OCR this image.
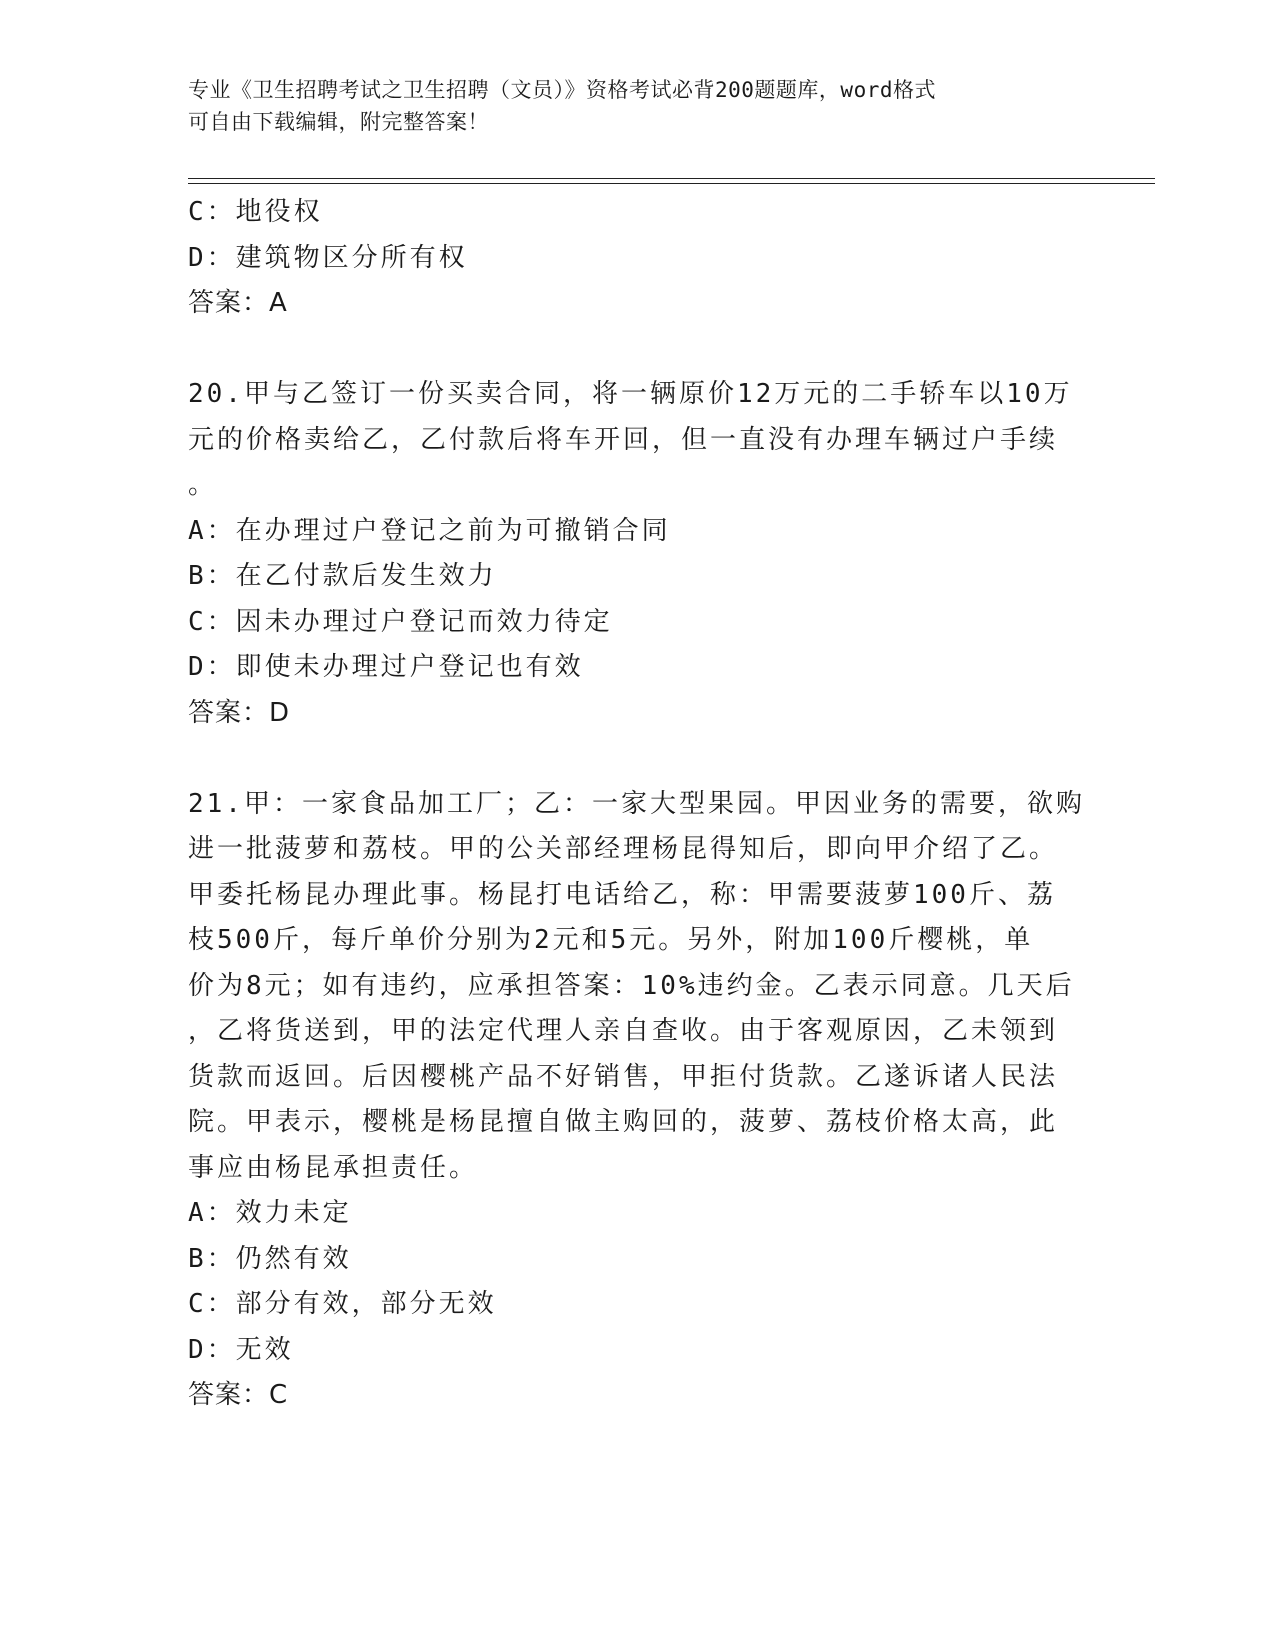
专业《卫生招聘考试之卫生招聘（文员）》资格考试必背200题题库，word格式
可自由下载编辑，附完整答案！
C：地役权
D：建筑物区分所有权
答案：A
20.甲与乙签订一份买卖合同，将一辆原价12万元的二手轿车以10万
元的价格卖给乙，乙付款后将车开回，但一直没有办理车辆过户手续
。
A：在办理过户登记之前为可撤销合同
B：在乙付款后发生效力
C：因未办理过户登记而效力待定
D：即使未办理过户登记也有效
答案：D
21.甲：一家食品加工厂；乙：一家大型果园。甲因业务的需要，欲购
进一批菠萝和荔枝。甲的公关部经理杨昆得知后，即向甲介绍了乙。
甲委托杨昆办理此事。杨昆打电话给乙，称：甲需要菠萝100斤、荔
枝500斤，每斤单价分别为2元和5元。另外，附加100斤樱桃，单
价为8元；如有违约，应承担答案：10%违约金。乙表示同意。几天后
，乙将货送到，甲的法定代理人亲自查收。由于客观原因，乙未领到
货款而返回。后因樱桃产品不好销售，甲拒付货款。乙遂诉诸人民法
院。甲表示，樱桃是杨昆擅自做主购回的，菠萝、荔枝价格太高，此
事应由杨昆承担责任。
A：效力未定
B：仍然有效
C：部分有效，部分无效
D：无效
答案：C
